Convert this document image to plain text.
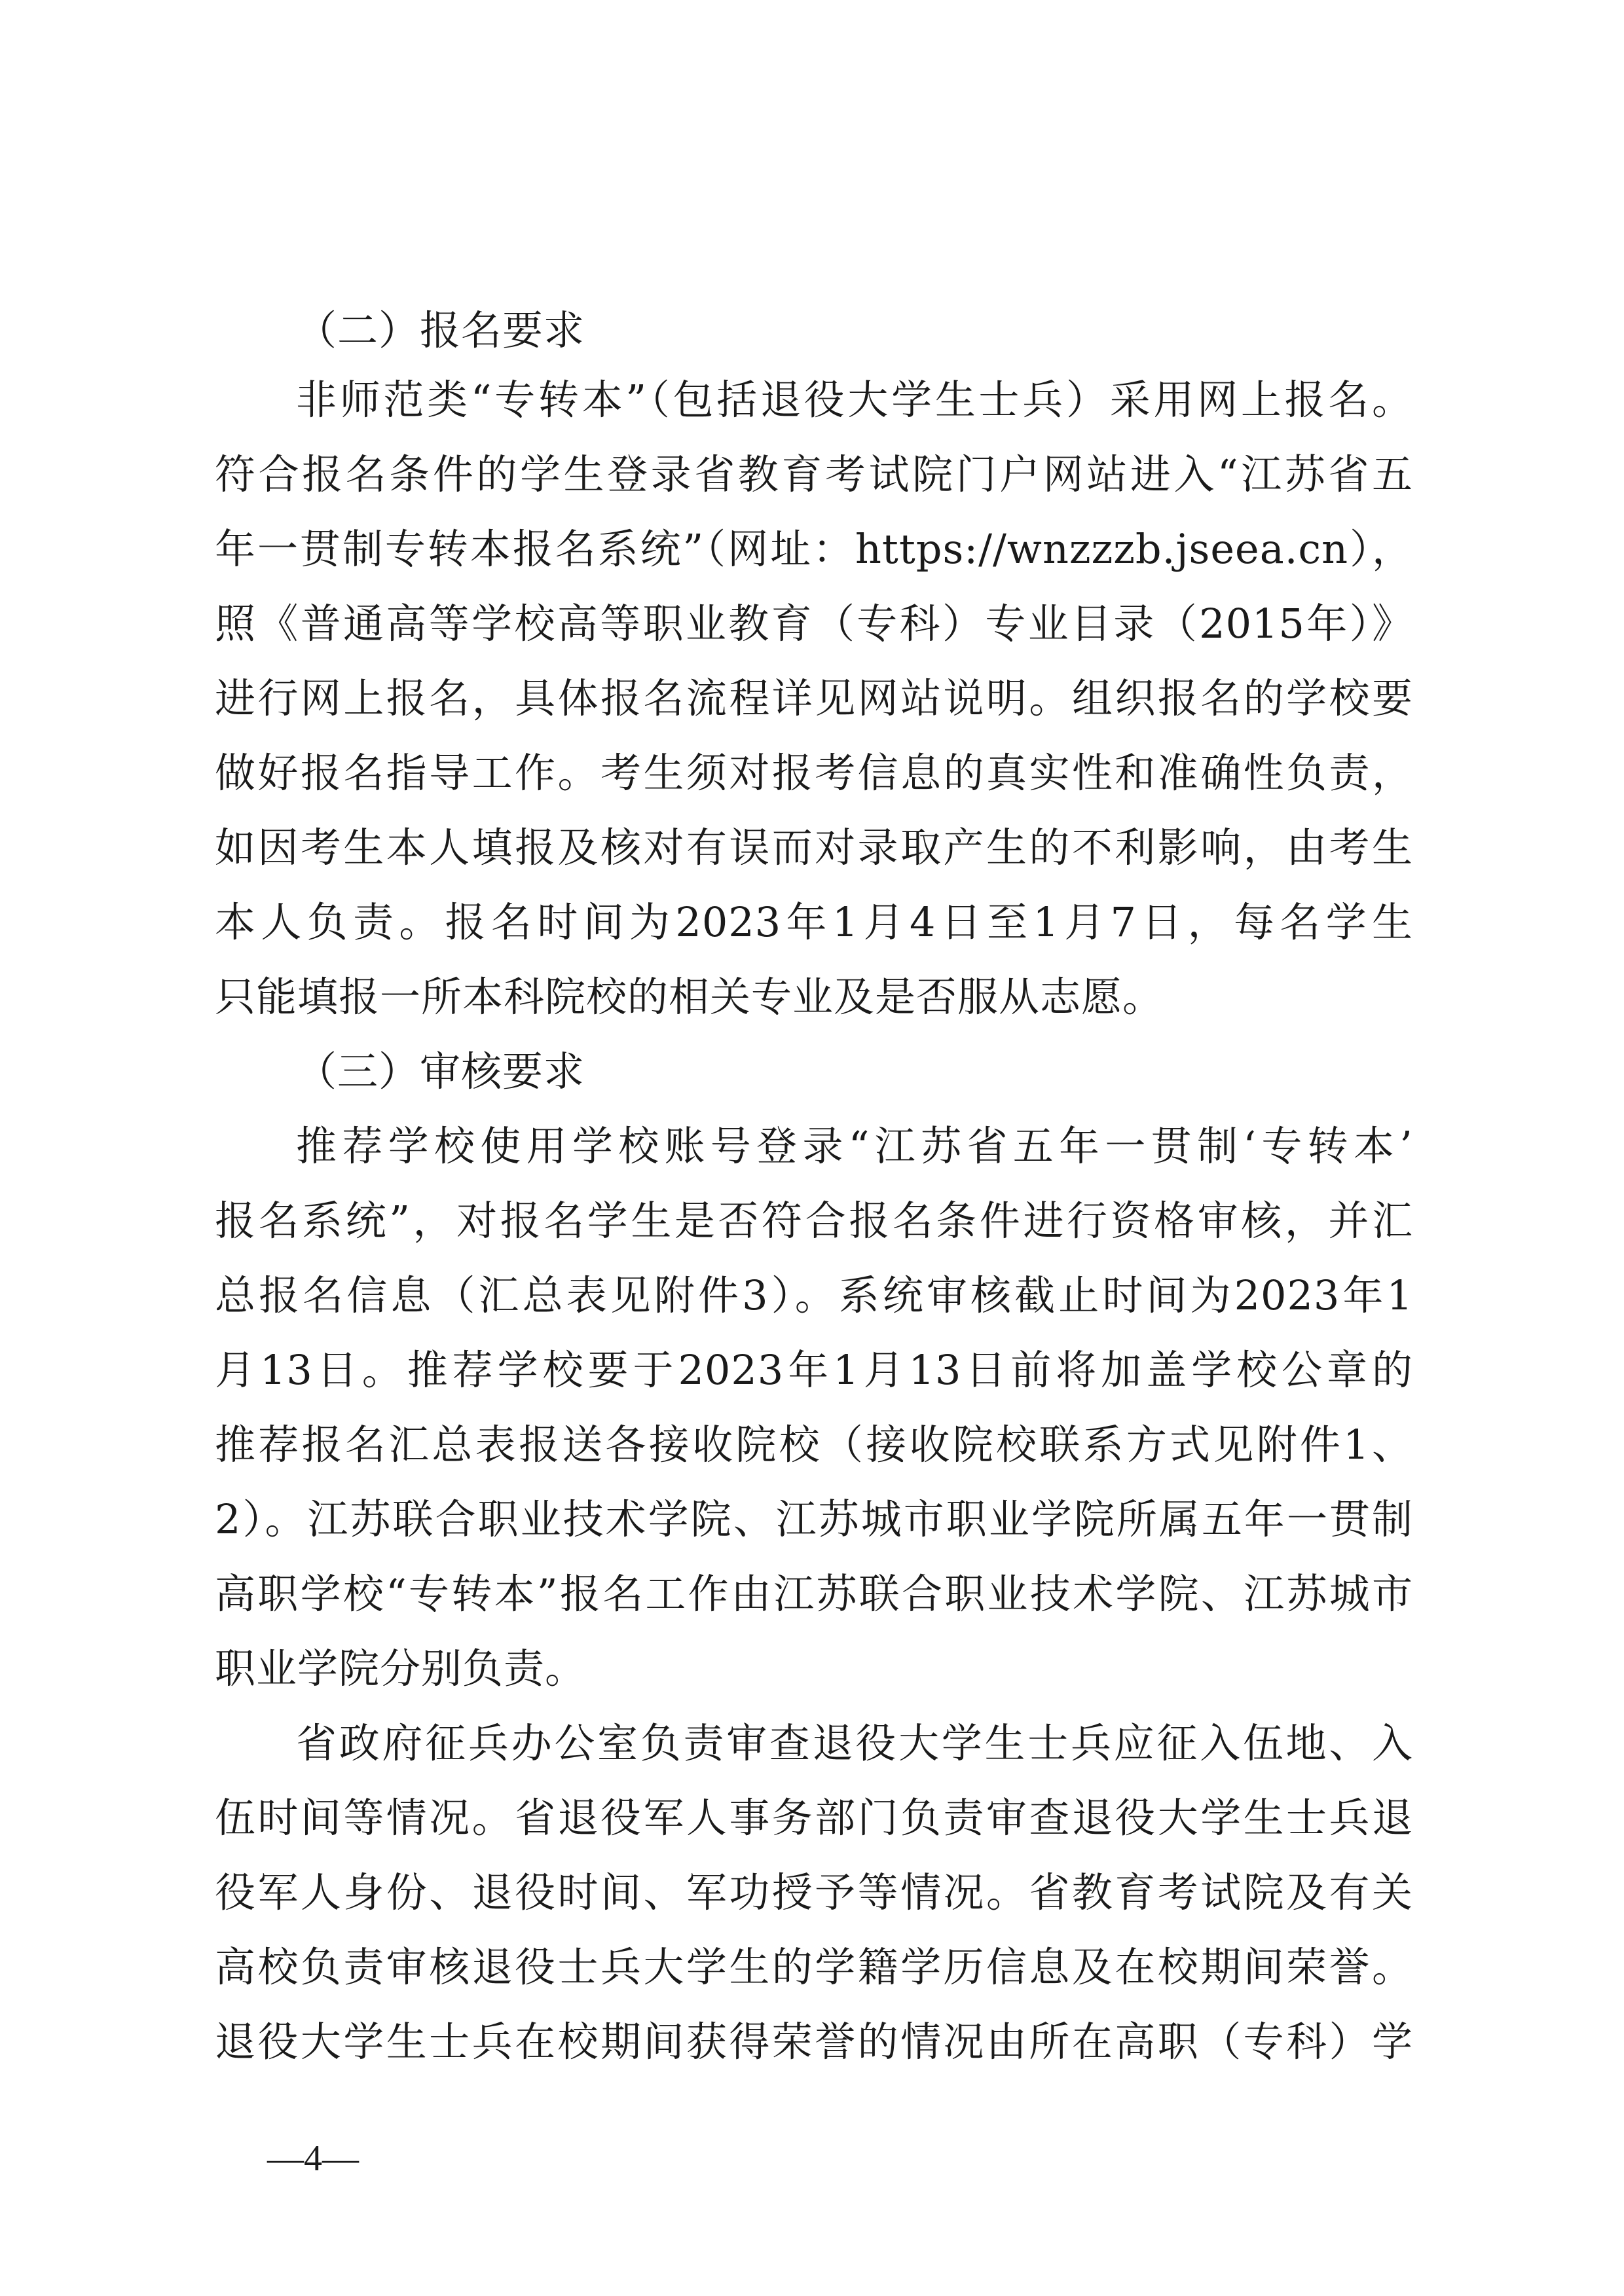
（二）报名要求
非师范类“专转本”（包括退役大学生士兵）采用网上报名。
符合报名条件的学生登录省教育考试院门户网站进入“江苏省五
年一贯制专转本报名系统”（网址：https://wnzzzb.jseea.cn），
照《普通高等学校高等职业教育（专科）专业目录（2015年）》
进行网上报名，具体报名流程详见网站说明。组织报名的学校要
做好报名指导工作。考生须对报考信息的真实性和准确性负责，
如因考生本人填报及核对有误而对录取产生的不利影响，由考生
本人负责。报名时间为2023年1月4日至1月7日，每名学生
只能填报一所本科院校的相关专业及是否服从志愿。
（三）审核要求
推荐学校使用学校账号登录“江苏省五年一贯制‘专转本’
报名系统”，对报名学生是否符合报名条件进行资格审核，并汇
总报名信息（汇总表见附件3）。系统审核截止时间为2023年1
月13日。推荐学校要于2023年1月13日前将加盖学校公章的
推荐报名汇总表报送各接收院校（接收院校联系方式见附件1、
2）。江苏联合职业技术学院、江苏城市职业学院所属五年一贯制
高职学校“专转本”报名工作由江苏联合职业技术学院、江苏城市
职业学院分别负责。
省政府征兵办公室负责审查退役大学生士兵应征入伍地、入
伍时间等情况。省退役军人事务部门负责审查退役大学生士兵退
役军人身份、退役时间、军功授予等情况。省教育考试院及有关
高校负责审核退役士兵大学生的学籍学历信息及在校期间荣誉。
退役大学生士兵在校期间获得荣誉的情况由所在高职（专科）学
—4—
